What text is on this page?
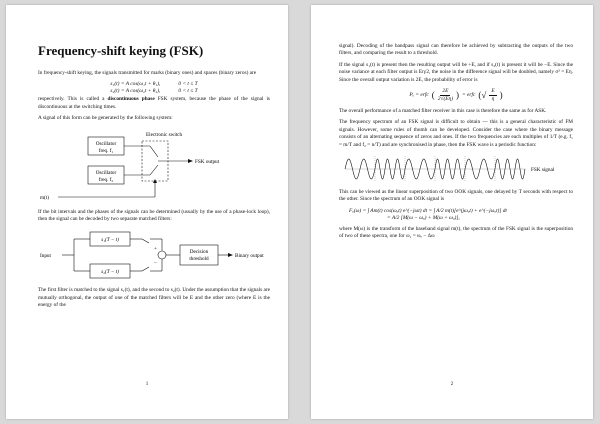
Frequency-shift keying (FSK)

In frequency-shift keying, the signals transmitted for marks (binary ones) and spaces (binary zeros) are

s₁(t) = A cos(ω₁t + θ₁),	0 < t ≤ T
s₂(t) = A cos(ω₂t + θ₂),	0 < t ≤ T

respectively. This is called a discontinuous phase FSK system, because the phase of the signal is discontinuous at the switching times.

A signal of this form can be generated by the following system:

Oscillator
freq. f₁
Oscillator
freq. f₂
Electronic switch
FSK output
m(t)

If the bit intervals and the phases of the signals can be determined (usually by the use of a phase-lock loop), then the signal can be decoded by two separate matched filters:

Input
s₁(T − t)
s₂(T − t)
+
−
Decision
threshold	Binary output

The first filter is matched to the signal s₁(t), and the second to s₂(t). Under the assumption that the signals are mutually orthogonal, the output of one of the matched filters will be E and the other zero (where E is the energy of the

1

signal). Decoding of the bandpass signal can therefore be achieved by subtracting the outputs of the two filters, and comparing the result to a threshold.

If the signal s₁(t) is present then the resulting output will be +E, and if s₂(t) is present it will be −E. Since the noise variance at each filter output is Eη/2, the noise in the difference signal will be doubled, namely σ² = Eη. Since the overall output variation is 2E, the probability of error is

Pₑ = erfc ( $\frac{2E}{2√(E\eta)}$ ) = erfc (√ E
η )

The overall performance of a matched filter receiver in this case is therefore the same as for ASK.

The frequency spectrum of an FSK signal is difficult to obtain — this is a general characteristic of FM signals. However, some rules of thumb can be developed. Consider the case where the binary message consists of an alternating sequence of zeros and ones. If the two frequencies are each multiples of 1/T (e.g. f₁ = m/T and f₂ = n/T) and are synchronised in phase, then the FSK wave is a periodic function:

FSK signal

This can be viewed as the linear superposition of two OOK signals, one delayed by T seconds with respect to the other. Since the spectrum of an OOK signal is

Fₒ(ω) = ∫ Am(t) cos(ωₒt) e^(−jωt) dt = ∫ A/2 m(t)[e^(jωₒt) + e^(−jωₒt)] dt
= A/2 [M(ω − ωₒ) + M(ω + ωₒ)],

where M(ω) is the transform of the baseband signal m(t), the spectrum of the FSK signal is the superposition of two of these spectra, one for ω₁ = ωₒ − Δω

2
